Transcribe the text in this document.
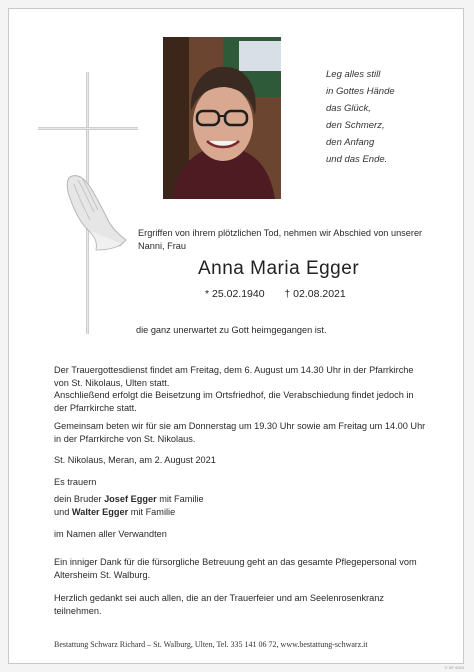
Leg alles still
in Gottes Hände
das Glück,
den Schmerz,
den Anfang
und das Ende.
Ergriffen von ihrem plötzlichen Tod, nehmen wir Abschied von unserer
Nanni, Frau
Anna Maria Egger
* 25.02.1940 † 02.08.2021
die ganz unerwartet zu Gott heimgegangen ist.
Der Trauergottesdienst findet am Freitag, dem 6. August um 14.30 Uhr in der Pfarrkirche
von St. Nikolaus, Ulten statt.
Anschließend erfolgt die Beisetzung im Ortsfriedhof, die Verabschiedung findet jedoch in
der Pfarrkirche statt.
Gemeinsam beten wir für sie am Donnerstag um 19.30 Uhr sowie am Freitag um 14.00 Uhr
in der Pfarrkirche von St. Nikolaus.
St. Nikolaus, Meran, am 2. August 2021
Es trauern
dein Bruder Josef Egger mit Familie
und Walter Egger mit Familie
im Namen aller Verwandten
Ein inniger Dank für die fürsorgliche Betreuung geht an das gesamte Pflegepersonal vom
Altersheim St. Walburg.
Herzlich gedankt sei auch allen, die an der Trauerfeier und am Seelenrosenkranz
teilnehmen.
Bestattung Schwarz Richard – St. Walburg, Ulten, Tel. 335 141 06 72, www.bestattung-schwarz.it
© DF 9053
